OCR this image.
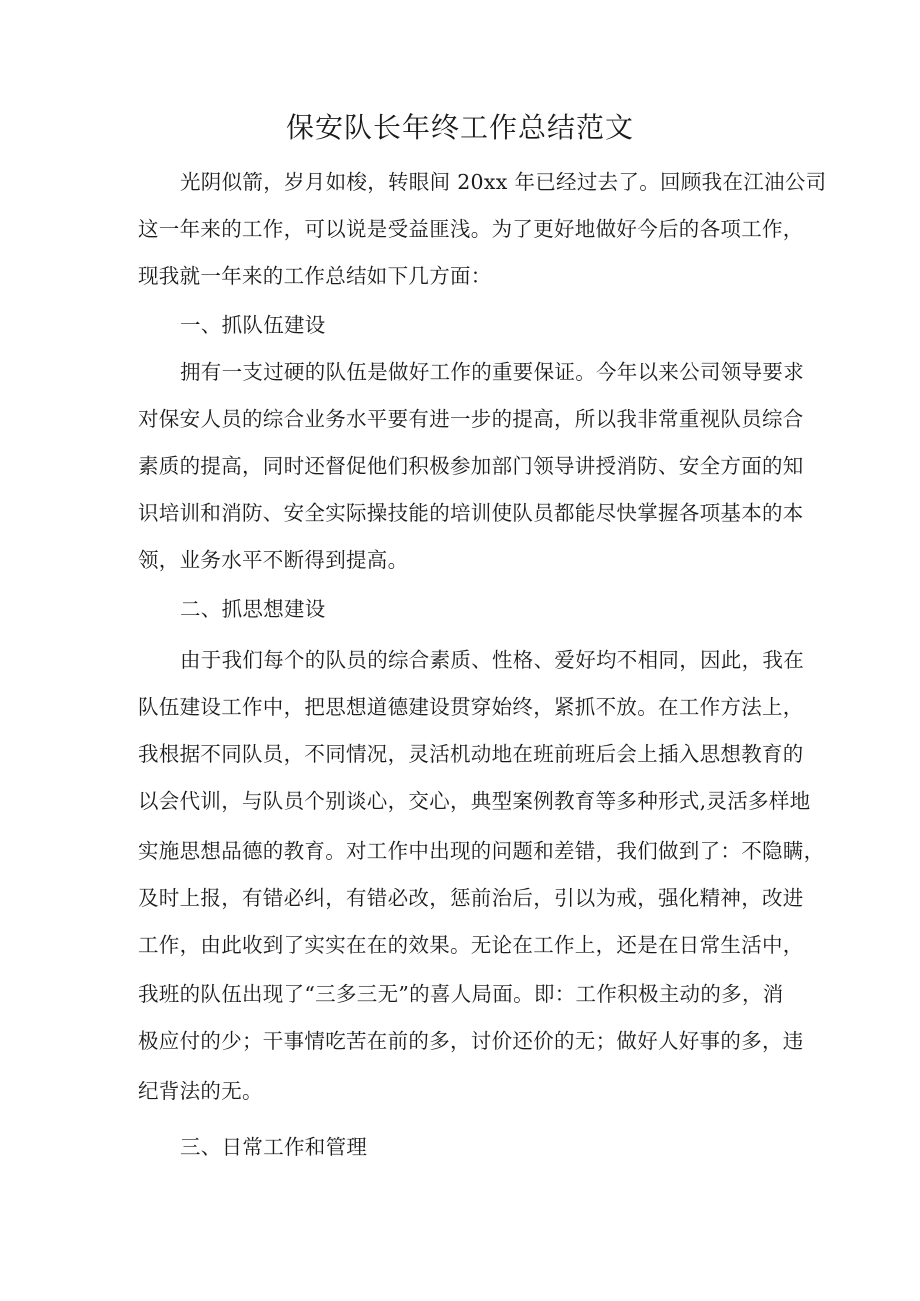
保安队长年终工作总结范文
光阴似箭，岁月如梭，转眼间 20xx 年已经过去了。回顾我在江油公司
这一年来的工作，可以说是受益匪浅。为了更好地做好今后的各项工作，
现我就一年来的工作总结如下几方面：
一、抓队伍建设
拥有一支过硬的队伍是做好工作的重要保证。今年以来公司领导要求
对保安人员的综合业务水平要有进一步的提高，所以我非常重视队员综合
素质的提高，同时还督促他们积极参加部门领导讲授消防、安全方面的知
识培训和消防、安全实际操技能的培训使队员都能尽快掌握各项基本的本
领，业务水平不断得到提高。
二、抓思想建设
由于我们每个的队员的综合素质、性格、爱好均不相同，因此，我在
队伍建设工作中，把思想道德建设贯穿始终，紧抓不放。在工作方法上，
我根据不同队员，不同情况，灵活机动地在班前班后会上插入思想教育的
以会代训，与队员个别谈心，交心，典型案例教育等多种形式,灵活多样地
实施思想品德的教育。对工作中出现的问题和差错，我们做到了：不隐瞒，
及时上报，有错必纠，有错必改，惩前治后，引以为戒，强化精神，改进
工作，由此收到了实实在在的效果。无论在工作上，还是在日常生活中，
我班的队伍出现了“三多三无”的喜人局面。即：工作积极主动的多，消
极应付的少；干事情吃苦在前的多，讨价还价的无；做好人好事的多，违
纪背法的无。
三、日常工作和管理
